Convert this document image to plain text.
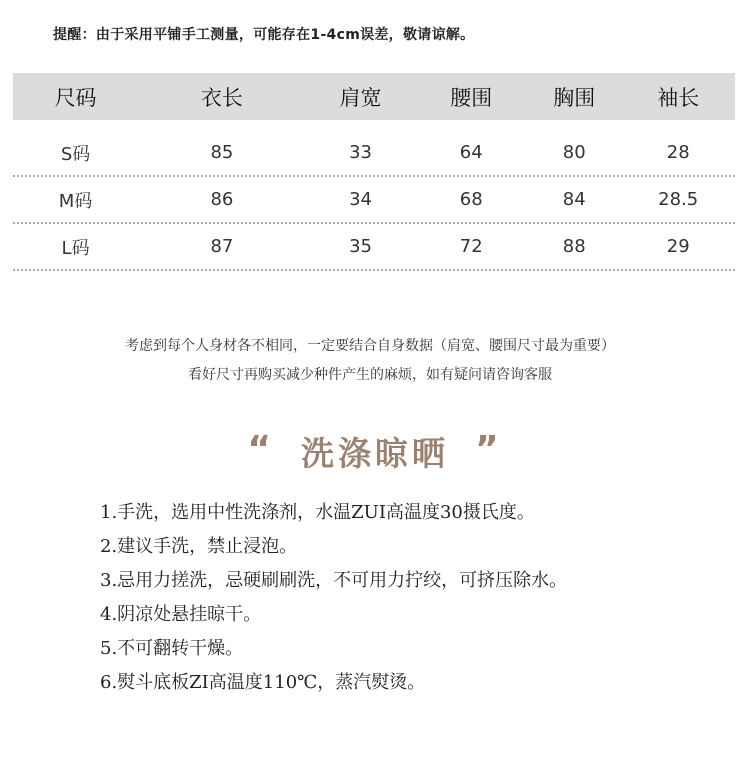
提醒：由于采用平铺手工测量，可能存在1-4cm误差，敬请谅解。
尺码	衣长	肩宽	腰围	胸围	袖长
S码	85	33	64	80	28
M码	86	34	68	84	28.5
L码	87	35	72	88	29
考虑到每个人身材各不相同，一定要结合自身数据（肩宽、腰围尺寸最为重要）
看好尺寸再购买减少种件产生的麻烦，如有疑问请咨询客服
“ 洗涤晾晒 ”
1.手洗，选用中性洗涤剂，水温ZUI高温度30摄氏度。
2.建议手洗，禁止浸泡。
3.忌用力搓洗，忌硬刷刷洗，不可用力拧绞，可挤压除水。
4.阴凉处悬挂晾干。
5.不可翻转干燥。
6.熨斗底板ZI高温度110℃，蒸汽熨烫。
